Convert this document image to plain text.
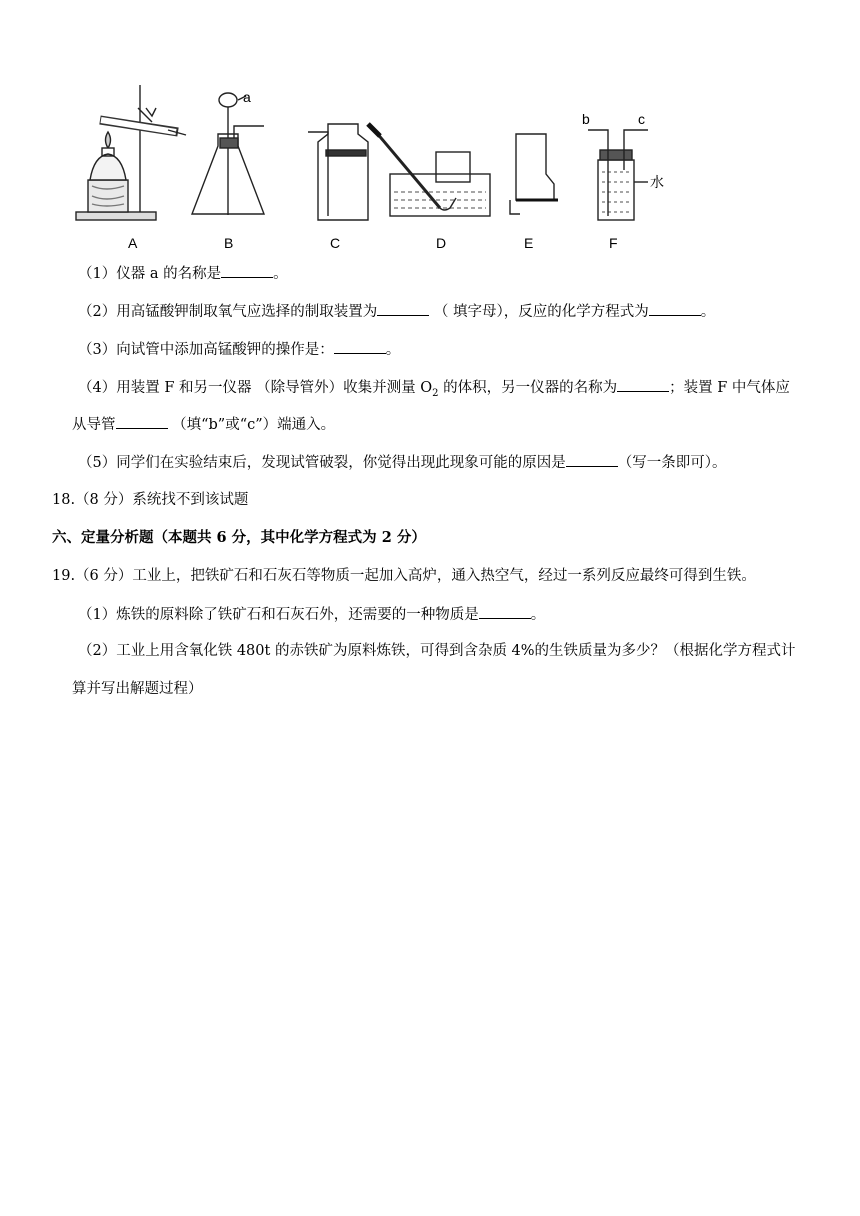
a
b	c
水
A	B	C	D	E	F
（1）仪器 a 的名称是	。
（2）用高锰酸钾制取氧气应选择的制取装置为	（ 填字母），反应的化学方程式为	。
（3）向试管中添加高锰酸钾的操作是：	。
（4）用装置 F 和另一仪器 （除导管外）收集并测量 $O_2$ 的体积，另一仪器的名称为	；装置 F 中气体应
从导管	（填“b”或“c”）端通入。
（5）同学们在实验结束后，发现试管破裂，你觉得出现此现象可能的原因是	（写一条即可）。
18.（8 分）系统找不到该试题
六、定量分析题（本题共 6 分，其中化学方程式为 2 分）
19.（6 分）工业上，把铁矿石和石灰石等物质一起加入高炉，通入热空气，经过一系列反应最终可得到生铁。
（1）炼铁的原料除了铁矿石和石灰石外，还需要的一种物质是	。
（2）工业上用含氧化铁 480t 的赤铁矿为原料炼铁，可得到含杂质 4%的生铁质量为多少？（根据化学方程式计
算并写出解题过程）
